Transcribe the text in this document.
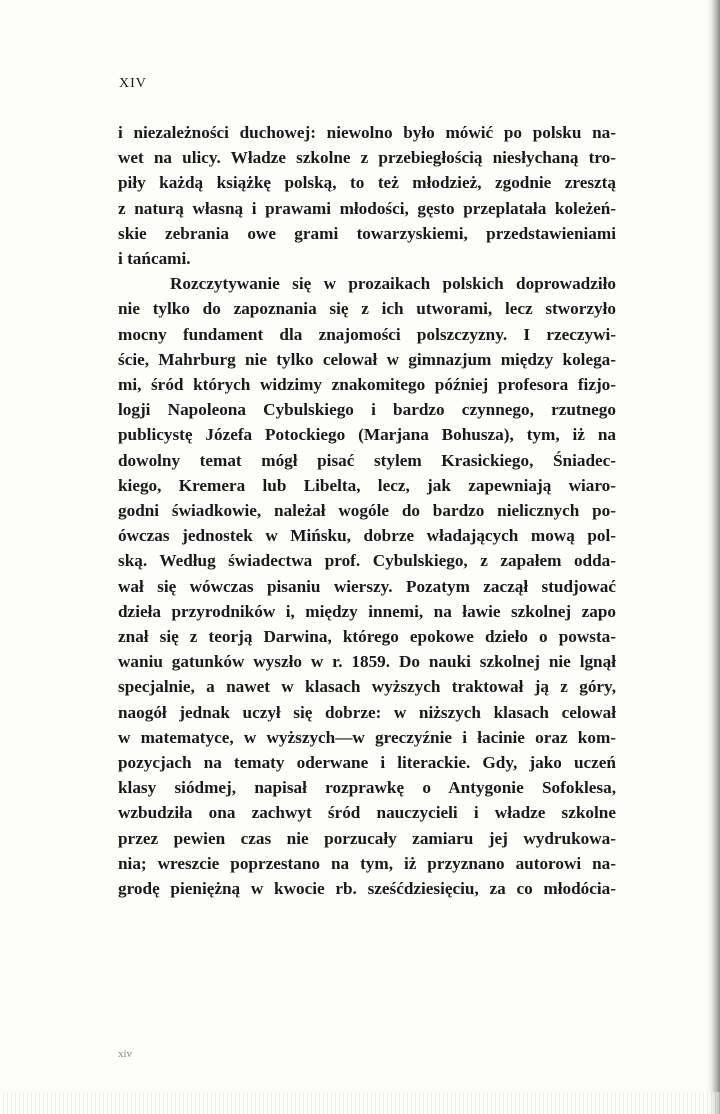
XIV

i niezależności duchowej: niewolno było mówić po polsku na-
wet na ulicy. Władze szkolne z przebiegłością niesłychaną tro-
piły każdą książkę polską, to też młodzież, zgodnie zresztą
z naturą własną i prawami młodości, gęsto przeplatała koleżeń-
skie zebrania owe grami towarzyskiemi, przedstawieniami
i tańcami.

Rozczytywanie się w prozaikach polskich doprowadziło
nie tylko do zapoznania się z ich utworami, lecz stworzyło
mocny fundament dla znajomości polszczyzny. I rzeczywi-
ście, Mahrburg nie tylko celował w gimnazjum między kolega-
mi, śród których widzimy znakomitego później profesora fizjo-
logji Napoleona Cybulskiego i bardzo czynnego, rzutnego
publicystę Józefa Potockiego (Marjana Bohusza), tym, iż na
dowolny temat mógł pisać stylem Krasickiego, Śniadec-
kiego, Kremera lub Libelta, lecz, jak zapewniają wiaro-
godni świadkowie, należał wogóle do bardzo nielicznych po-
ówczas jednostek w Mińsku, dobrze władających mową pol-
ską. Według świadectwa prof. Cybulskiego, z zapałem odda-
wał się wówczas pisaniu wierszy. Pozatym zaczął studjować
dzieła przyrodników i, między innemi, na ławie szkolnej zapo
znał się z teorją Darwina, którego epokowe dzieło o powsta-
waniu gatunków wyszło w r. 1859. Do nauki szkolnej nie lgnął
specjalnie, a nawet w klasach wyższych traktował ją z góry,
naogół jednak uczył się dobrze: w niższych klasach celował
w matematyce, w wyższych—w greczyźnie i łacinie oraz kom-
pozycjach na tematy oderwane i literackie. Gdy, jako uczeń
klasy siódmej, napisał rozprawkę o Antygonie Sofoklesa,
wzbudziła ona zachwyt śród nauczycieli i władze szkolne
przez pewien czas nie porzucały zamiaru jej wydrukowa-
nia; wreszcie poprzestano na tym, iż przyznano autorowi na-
grodę pieniężną w kwocie rb. sześćdziesięciu, za co młodócia-

xiv
